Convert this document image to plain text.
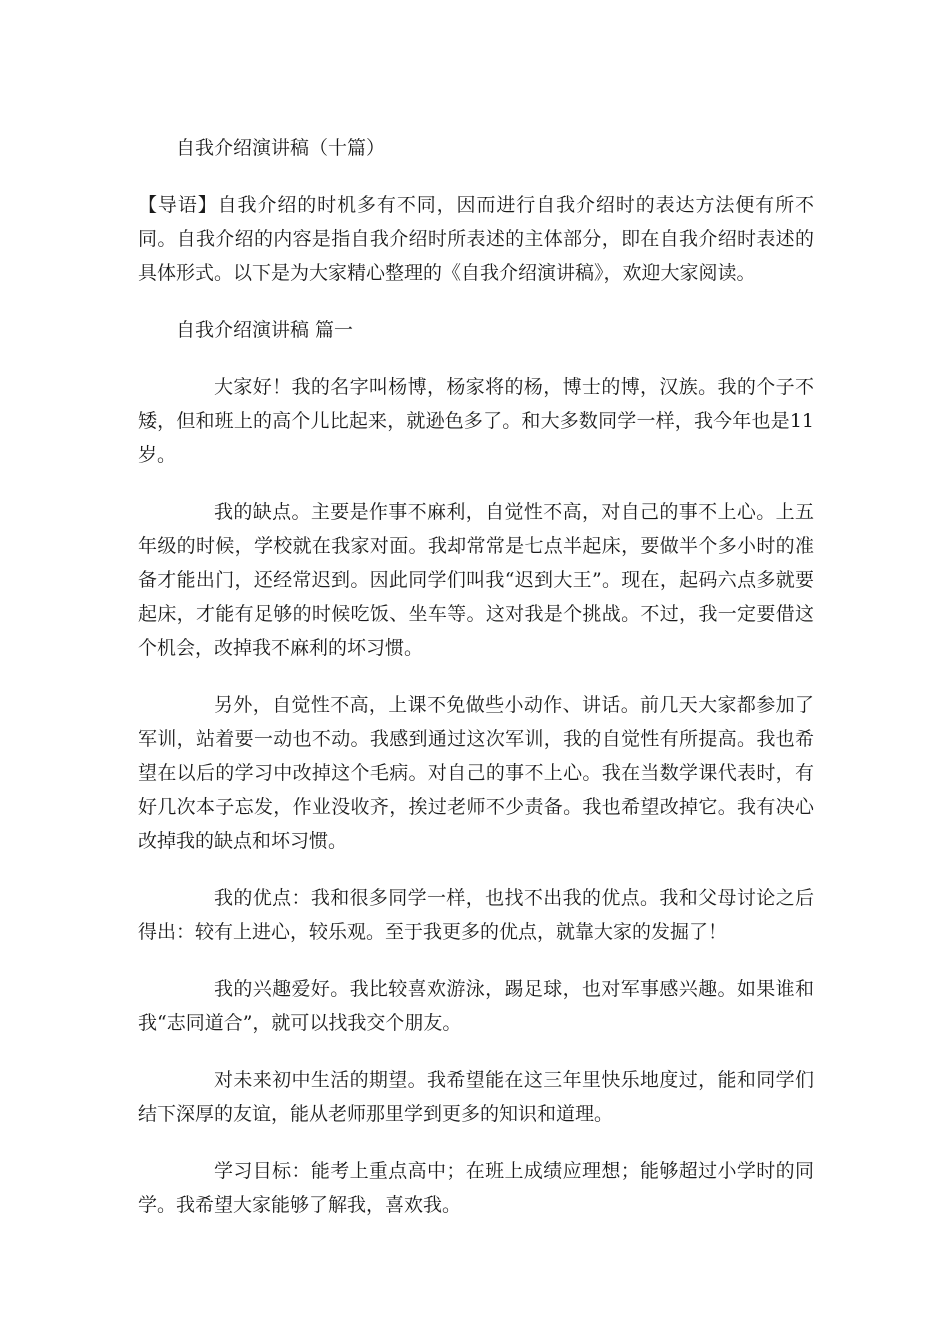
自我介绍演讲稿（十篇）

【导语】自我介绍的时机多有不同，因而进行自我介绍时的表达方法便有所不同。自我介绍的内容是指自我介绍时所表述的主体部分，即在自我介绍时表述的具体形式。以下是为大家精心整理的《自我介绍演讲稿》，欢迎大家阅读。

自我介绍演讲稿 篇一

大家好！我的名字叫杨博，杨家将的杨，博士的博，汉族。我的个子不矮，但和班上的高个儿比起来，就逊色多了。和大多数同学一样，我今年也是11岁。

我的缺点。主要是作事不麻利，自觉性不高，对自己的事不上心。上五年级的时候，学校就在我家对面。我却常常是七点半起床，要做半个多小时的准备才能出门，还经常迟到。因此同学们叫我“迟到大王”。现在，起码六点多就要起床，才能有足够的时候吃饭、坐车等。这对我是个挑战。不过，我一定要借这个机会，改掉我不麻利的坏习惯。

另外，自觉性不高，上课不免做些小动作、讲话。前几天大家都参加了军训，站着要一动也不动。我感到通过这次军训，我的自觉性有所提高。我也希望在以后的学习中改掉这个毛病。对自己的事不上心。我在当数学课代表时，有好几次本子忘发，作业没收齐，挨过老师不少责备。我也希望改掉它。我有决心改掉我的缺点和坏习惯。

我的优点：我和很多同学一样，也找不出我的优点。我和父母讨论之后得出：较有上进心，较乐观。至于我更多的优点，就靠大家的发掘了！

我的兴趣爱好。我比较喜欢游泳，踢足球，也对军事感兴趣。如果谁和我“志同道合”，就可以找我交个朋友。

对未来初中生活的期望。我希望能在这三年里快乐地度过，能和同学们结下深厚的友谊，能从老师那里学到更多的知识和道理。

学习目标：能考上重点高中；在班上成绩应理想；能够超过小学时的同学。我希望大家能够了解我，喜欢我。
